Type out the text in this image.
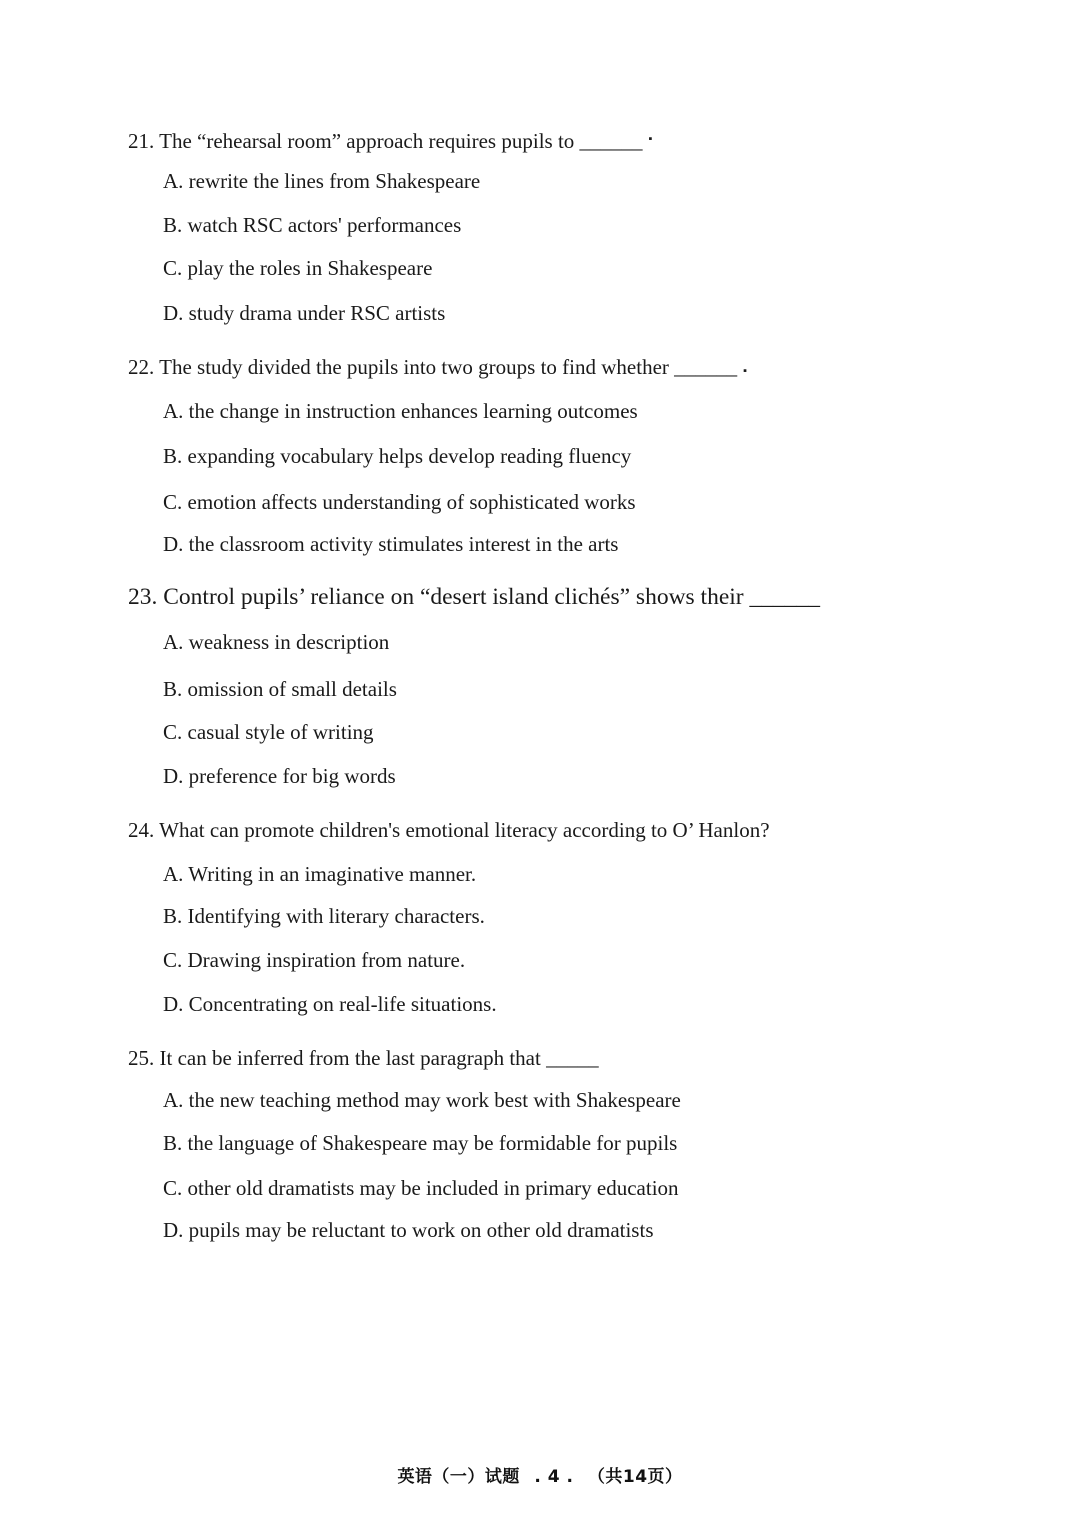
21. The “rehearsal room” approach requires pupils to ______ ▪
A. rewrite the lines from Shakespeare
B. watch RSC actors' performances
C. play the roles in Shakespeare
D. study drama under RSC artists
22. The study divided the pupils into two groups to find whether ______ ▪
A. the change in instruction enhances learning outcomes
B. expanding vocabulary helps develop reading fluency
C. emotion affects understanding of sophisticated works
D. the classroom activity stimulates interest in the arts
23. Control pupils’ reliance on “desert island clichés” shows their ______
A. weakness in description
B. omission of small details
C. casual style of writing
D. preference for big words
24. What can promote children's emotional literacy according to O’ Hanlon?
A. Writing in an imaginative manner.
B. Identifying with literary characters.
C. Drawing inspiration from nature.
D. Concentrating on real-life situations.
25. It can be inferred from the last paragraph that _____
A. the new teaching method may work best with Shakespeare
B. the language of Shakespeare may be formidable for pupils
C. other old dramatists may be included in primary education
D. pupils may be reluctant to work on other old dramatists
英语（一）试题 . 4 . （共14页）
